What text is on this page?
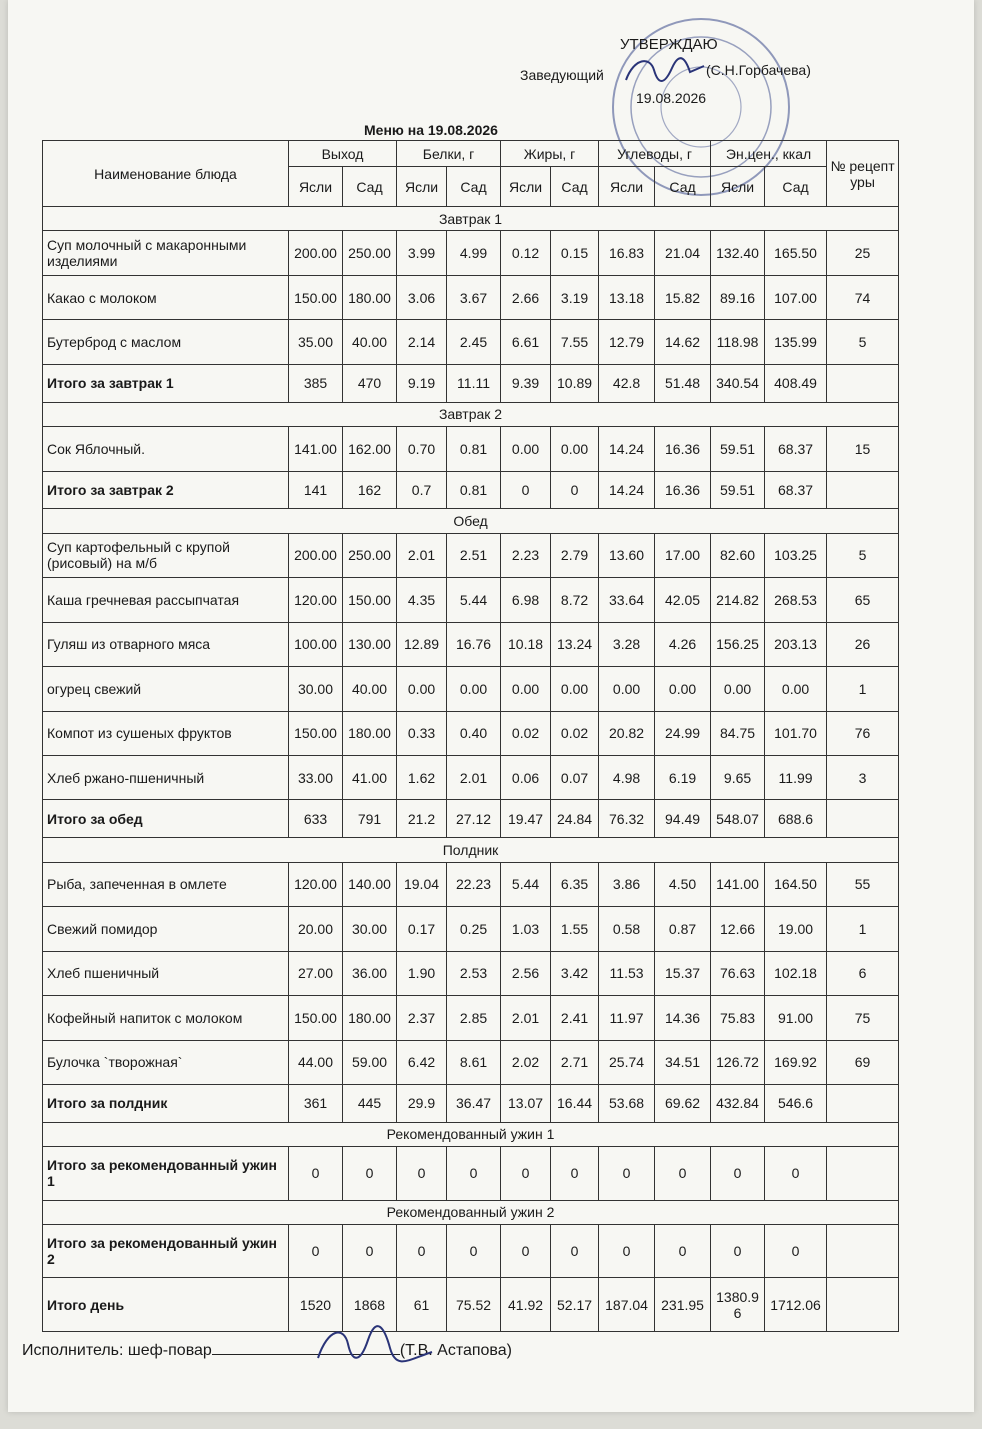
УТВЕРЖДАЮ
Заведующий	(С.Н.Горбачева)
19.08.2026
Меню на 19.08.2026
Наименование блюда	Выход		Белки, г		Жиры, г		Углеводы, г		Эн.цен., ккал		№ рецептуры
	Ясли	Сад	Ясли	Сад	Ясли	Сад	Ясли	Сад	Ясли	Сад	
Завтрак 1											
Суп молочный с макаронными изделиями	200.00	250.00	3.99	4.99	0.12	0.15	16.83	21.04	132.40	165.50	25
Какао с молоком	150.00	180.00	3.06	3.67	2.66	3.19	13.18	15.82	89.16	107.00	74
Бутерброд с маслом	35.00	40.00	2.14	2.45	6.61	7.55	12.79	14.62	118.98	135.99	5
Итого за завтрак 1	385	470	9.19	11.11	9.39	10.89	42.8	51.48	340.54	408.49	
Завтрак 2											
Сок Яблочный.	141.00	162.00	0.70	0.81	0.00	0.00	14.24	16.36	59.51	68.37	15
Итого за завтрак 2	141	162	0.7	0.81	0	0	14.24	16.36	59.51	68.37	
Обед											
Суп картофельный с крупой (рисовый) на м/б	200.00	250.00	2.01	2.51	2.23	2.79	13.60	17.00	82.60	103.25	5
Каша гречневая рассыпчатая	120.00	150.00	4.35	5.44	6.98	8.72	33.64	42.05	214.82	268.53	65
Гуляш из отварного мяса	100.00	130.00	12.89	16.76	10.18	13.24	3.28	4.26	156.25	203.13	26
огурец свежий	30.00	40.00	0.00	0.00	0.00	0.00	0.00	0.00	0.00	0.00	1
Компот из сушеных фруктов	150.00	180.00	0.33	0.40	0.02	0.02	20.82	24.99	84.75	101.70	76
Хлеб ржано-пшеничный	33.00	41.00	1.62	2.01	0.06	0.07	4.98	6.19	9.65	11.99	3
Итого за обед	633	791	21.2	27.12	19.47	24.84	76.32	94.49	548.07	688.6	
Полдник											
Рыба, запеченная в омлете	120.00	140.00	19.04	22.23	5.44	6.35	3.86	4.50	141.00	164.50	55
Свежий помидор	20.00	30.00	0.17	0.25	1.03	1.55	0.58	0.87	12.66	19.00	1
Хлеб пшеничный	27.00	36.00	1.90	2.53	2.56	3.42	11.53	15.37	76.63	102.18	6
Кофейный напиток с молоком	150.00	180.00	2.37	2.85	2.01	2.41	11.97	14.36	75.83	91.00	75
Булочка `творожная`	44.00	59.00	6.42	8.61	2.02	2.71	25.74	34.51	126.72	169.92	69
Итого за полдник	361	445	29.9	36.47	13.07	16.44	53.68	69.62	432.84	546.6	
Рекомендованный ужин 1											
Итого за рекомендованный ужин 1	0	0	0	0	0	0	0	0	0	0	
Рекомендованный ужин 2											
Итого за рекомендованный ужин 2	0	0	0	0	0	0	0	0	0	0	
Итого день	1520	1868	61	75.52	41.92	52.17	187.04	231.95	1380.96	1712.06	
Исполнитель: шеф-повар	(Т.В. Астапова)
